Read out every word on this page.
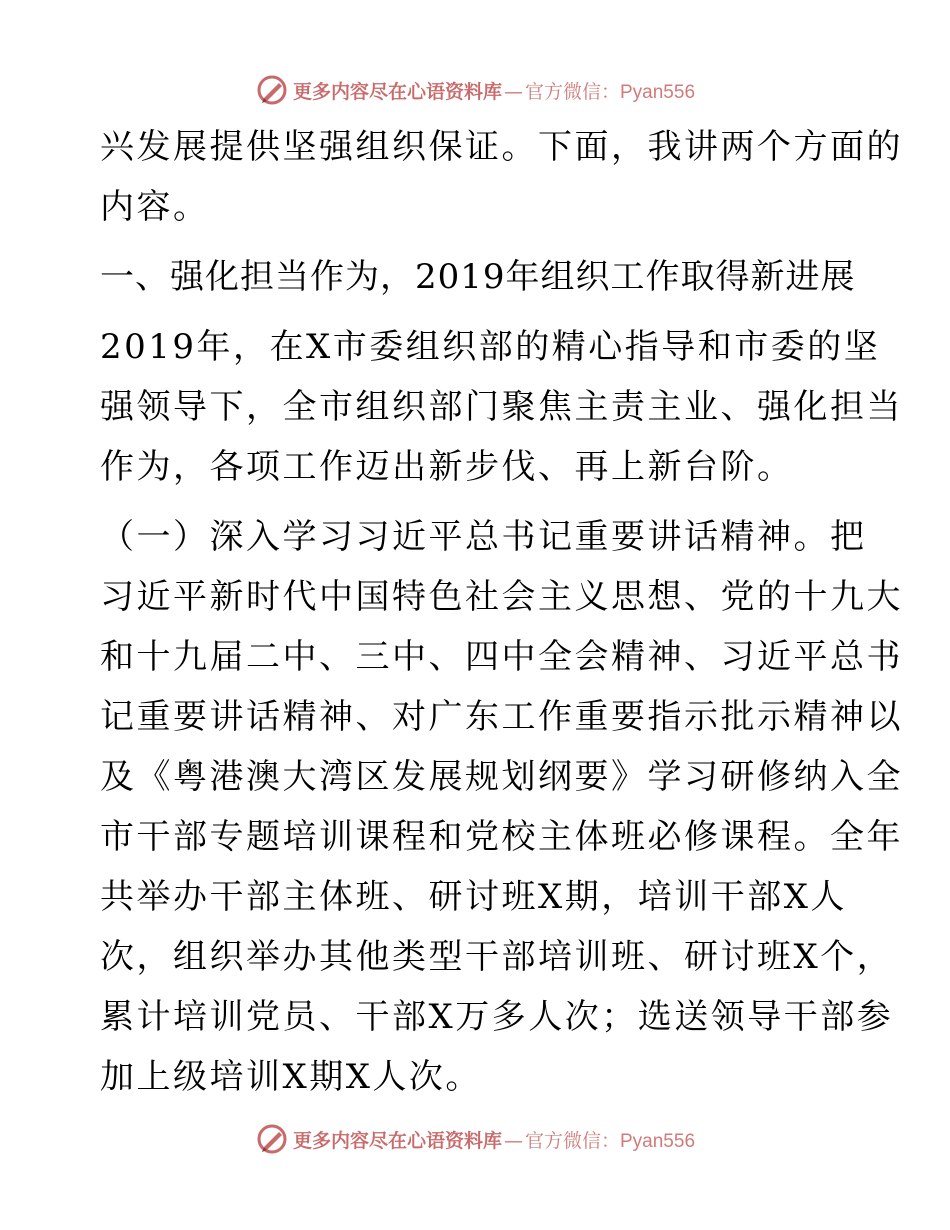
更多内容尽在心语资料库 — 官方微信：Pyan556
兴发展提供坚强组织保证。下面，我讲两个方面的
内容。
一、强化担当作为，2019年组织工作取得新进展
2019年，在X市委组织部的精心指导和市委的坚
强领导下，全市组织部门聚焦主责主业、强化担当
作为，各项工作迈出新步伐、再上新台阶。
（一）深入学习习近平总书记重要讲话精神。把
习近平新时代中国特色社会主义思想、党的十九大
和十九届二中、三中、四中全会精神、习近平总书
记重要讲话精神、对广东工作重要指示批示精神以
及《粤港澳大湾区发展规划纲要》学习研修纳入全
市干部专题培训课程和党校主体班必修课程。全年
共举办干部主体班、研讨班X期，培训干部X人
次，组织举办其他类型干部培训班、研讨班X个，
累计培训党员、干部X万多人次；选送领导干部参
加上级培训X期X人次。
更多内容尽在心语资料库 — 官方微信：Pyan556
